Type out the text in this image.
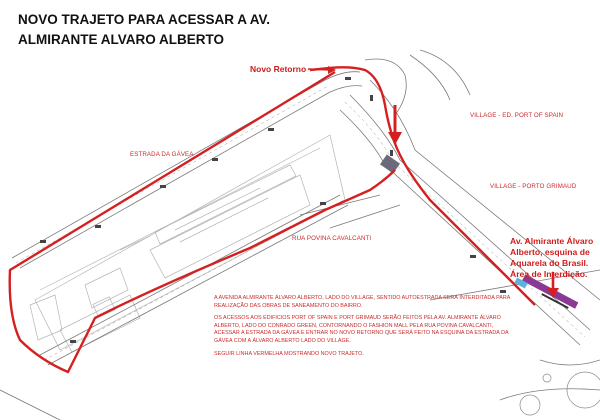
NOVO TRAJETO PARA ACESSAR A AV.
ALMIRANTE ALVARO ALBERTO
Novo Retorno
ESTRADA DA GÁVEA
RUA POVINA CAVALCANTI
VILLAGE - ED. PORT OF SPAIN
VILLAGE - PORTO GRIMAUD
Av. Almirante Álvaro
Alberto, esquina de
Aquarela do Brasil.
Área de Interdição.

A AVENIDA ALMIRANTE ÁLVARO ALBERTO, LADO DO VILLAGE, SENTIDO AUTOESTRADA SERÁ INTERDITADA PARA REALIZAÇÃO DAS OBRAS DE SANEAMENTO DO BAIRRO.

OS ACESSOS AOS EDIFICIOS PORT OF SPAIN E PORT GRIMAUD SERÃO FEITOS PELA AV. ALMIRANTE ÁLVARO ALBERTO, LADO DO CONRADO GREEN, CONTORNANDO O FASHION MALL PELA RUA POVINA CAVALCANTI, ACESSAR A ESTRADA DA GÁVEA E ENTRAR NO NOVO RETORNO QUE SERÁ FEITO NA ESQUINA DA ESTRADA DA GÁVEA COM A ÁLVARO ALBERTO LADO DO VILLAGE.

SEGUIR LINHA VERMELHA MOSTRANDO NOVO TRAJETO.
